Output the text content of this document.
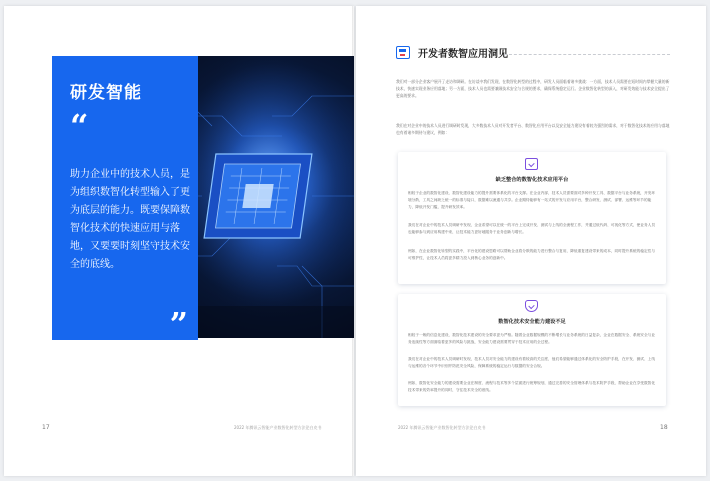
研发智能
“
助力企业中的技术人员，是为组织数智化转型输入了更为底层的能力。既要保障数智化技术的快速应用与落地，又要要时刻坚守技术安全的底线。
”
17	2022 年腾讯云智能产业数智化转型方法论白皮书
开发者数智应用洞见
我们对一部分企业客户展开了走访和调研。在访谈中我们发现，在数智化转型的过程中，研发人员面临着诸多挑战：一方面，技术人员需要在短时间内掌握大量的新技术，快速实现业务应用落地；另一方面，技术人员也需要兼顾技术安全与合规的要求，确保系统稳定运行。企业数智化转型的深入，对研发效能与技术安全提出了更高的要求。
我们在对企业中的技术人员进行调研时发现，大多数技术人员对开发者平台、数智化应用平台以及安全能力建设有着较为强烈的需求，对于数智化技术的应用与落地也有着诸多期待与建议，例如：
缺乏整合的数智化技术应用平台
相较于企业的数智化建设，数智化建设能力的提升需要体系化的平台支撑。在企业内部，技术人员需要面对多种开发工具、数据平台与业务系统，开发环境分散，工具之间缺乏统一的标准与接口，数据难以流通与共享。企业期待能够有一站式的开发与应用平台，整合研发、测试、部署、运维等环节的能力，降低开发门槛，提升研发效率。
我们在对企业中的技术人员调研中发现，企业希望可以在统一的平台上完成开发、测试与上线的全流程工作，并通过低代码、可视化等方式，使业务人员也能够参与到应用构建中来，让技术能力更好地服务于业务创新与增长。
例如，在企业数智化转型的实践中，平台化的建设思路可以帮助企业将分散的能力进行整合与复用，降低重复建设带来的成本，同时提升系统的稳定性与可维护性，让技术人员将更多精力投入到核心业务的创新中。
数智化技术安全能力建设不足
相较于一般的信息化建设，数智化技术建设的安全要求更为严格。随着企业数据规模的不断增长与业务系统的日益复杂，企业在数据安全、系统安全与业务连续性等方面面临着更多的风险与挑战，安全能力建设需要贯穿于技术应用的全过程。
我们在对企业中的技术人员调研时发现，技术人员对安全能力的建设有着较高的关注度，他们希望能够通过体系化的安全防护手段，在开发、测试、上线与运维的各个环节中识别并防范安全风险，保障系统的稳定运行与数据的安全合规。
例如，数智化安全能力的建设需要企业在制度、流程与技术等多个层面进行统筹规划，通过完善的安全管理体系与技术防护手段，帮助企业在享受数智化技术带来的效率提升的同时，守住技术安全的底线。
2022 年腾讯云智能产业数智化转型方法论白皮书	18
